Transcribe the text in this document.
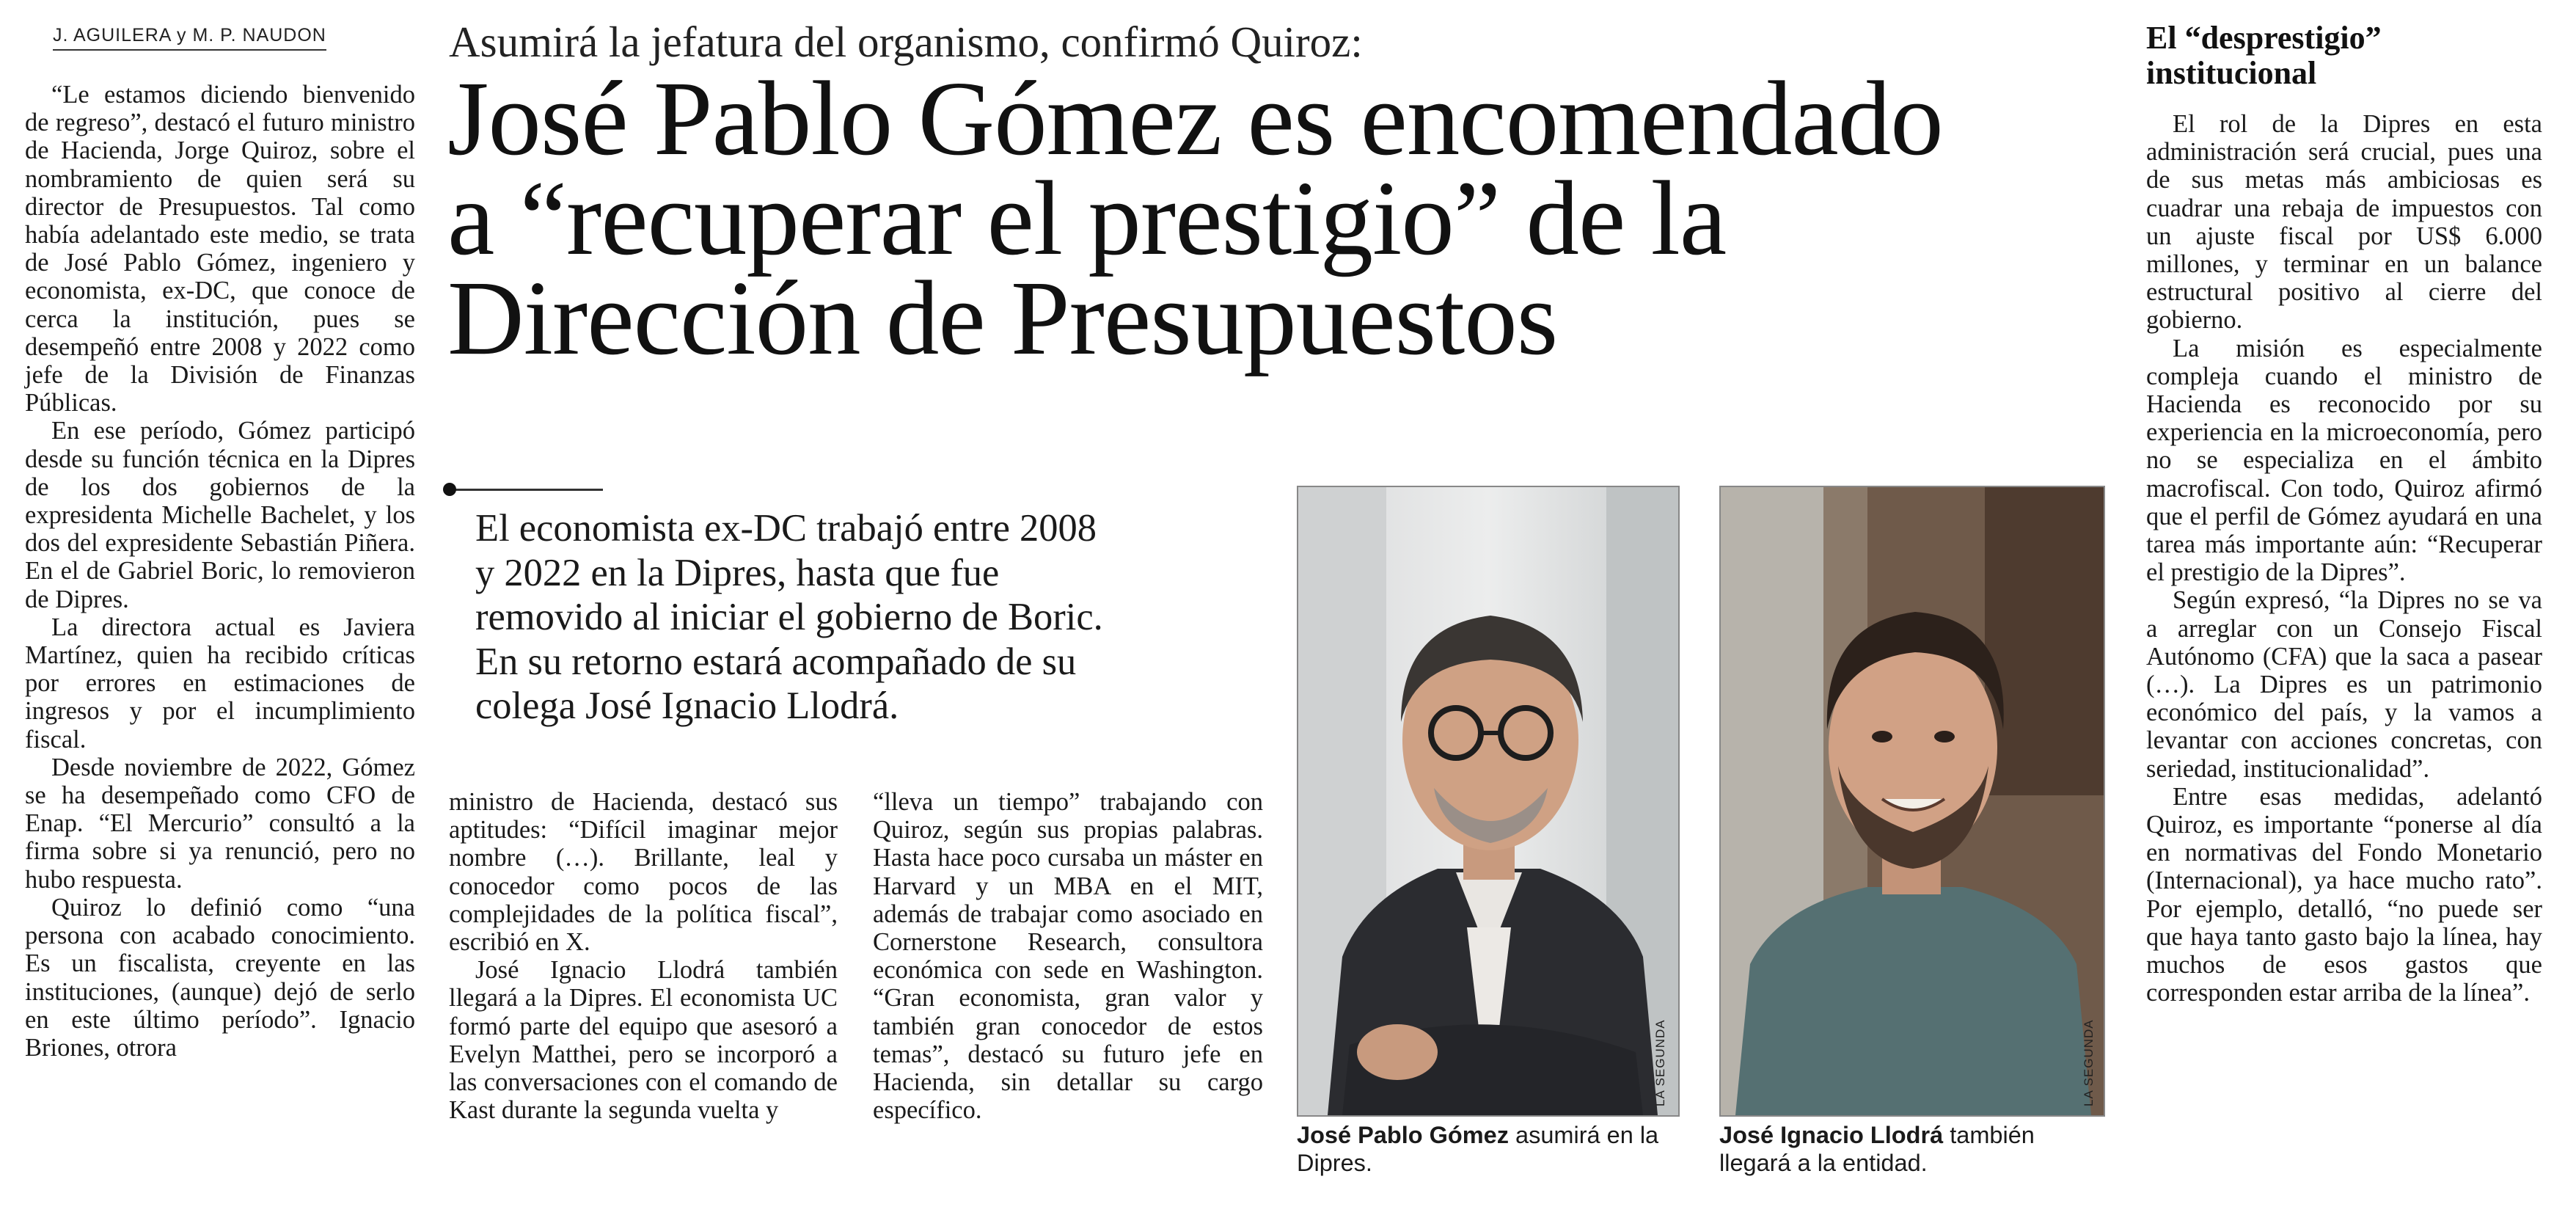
J. AGUILERA y M. P. NAUDON

“Le estamos diciendo bienvenido de regreso”, destacó el futuro ministro de Hacienda, Jorge Quiroz, sobre el nombramiento de quien será su director de Presupuestos. Tal como había adelantado este medio, se trata de José Pablo Gómez, ingeniero y economista, ex-DC, que conoce de cerca la institución, pues se desempeñó entre 2008 y 2022 como jefe de la División de Finanzas Públicas.

En ese período, Gómez participó desde su función técnica en la Dipres de los dos gobiernos de la expresidenta Michelle Bachelet, y los dos del expresidente Sebastián Piñera. En el de Gabriel Boric, lo removieron de Dipres.

La directora actual es Javiera Martínez, quien ha recibido críticas por errores en estimaciones de ingresos y por el incumplimiento fiscal.

Desde noviembre de 2022, Gómez se ha desempeñado como CFO de Enap. “El Mercurio” consultó a la firma sobre si ya renunció, pero no hubo respuesta.

Quiroz lo definió como “una persona con acabado conocimiento. Es un fiscalista, creyente en las instituciones, (aunque) dejó de serlo en este último período”. Ignacio Briones, otrora

Asumirá la jefatura del organismo, confirmó Quiroz:
José Pablo Gómez es encomendado
a “recuperar el prestigio” de la
Dirección de Presupuestos
El economista ex-DC trabajó entre 2008
y 2022 en la Dipres, hasta que fue
removido al iniciar el gobierno de Boric.
En su retorno estará acompañado de su
colega José Ignacio Llodrá.

ministro de Hacienda, destacó sus aptitudes: “Difícil imaginar mejor nombre (…). Brillante, leal y conocedor como pocos de las complejidades de la política fiscal”, escribió en X.

José Ignacio Llodrá también llegará a la Dipres. El economista UC formó parte del equipo que asesoró a Evelyn Matthei, pero se incorporó a las conversaciones con el comando de Kast durante la segunda vuelta y

“lleva un tiempo” trabajando con Quiroz, según sus propias palabras. Hasta hace poco cursaba un máster en Harvard y un MBA en el MIT, además de trabajar como asociado en Cornerstone Research, consultora económica con sede en Washington. “Gran economista, gran valor y también gran conocedor de estos temas”, destacó su futuro jefe en Hacienda, sin detallar su cargo específico.

LA SEGUNDA
José Pablo Gómez asumirá en la Dipres.
LA SEGUNDA
José Ignacio Llodrá también llegará a la entidad.
El “desprestigio”
institucional

El rol de la Dipres en esta administración será crucial, pues una de sus metas más ambiciosas es cuadrar una rebaja de impuestos con un ajuste fiscal por US$ 6.000 millones, y terminar en un balance estructural positivo al cierre del gobierno.

La misión es especialmente compleja cuando el ministro de Hacienda es reconocido por su experiencia en la microeconomía, pero no se especializa en el ámbito macrofiscal. Con todo, Quiroz afirmó que el perfil de Gómez ayudará en una tarea más importante aún: “Recuperar el prestigio de la Dipres”.

Según expresó, “la Dipres no se va a arreglar con un Consejo Fiscal Autónomo (CFA) que la saca a pasear (…). La Dipres es un patrimonio económico del país, y la vamos a levantar con acciones concretas, con seriedad, institucionalidad”.

Entre esas medidas, adelantó Quiroz, es importante “ponerse al día en normativas del Fondo Monetario (Internacional), ya hace mucho rato”. Por ejemplo, detalló, “no puede ser que haya tanto gasto bajo la línea, hay muchos de esos gastos que corresponden estar arriba de la línea”.
